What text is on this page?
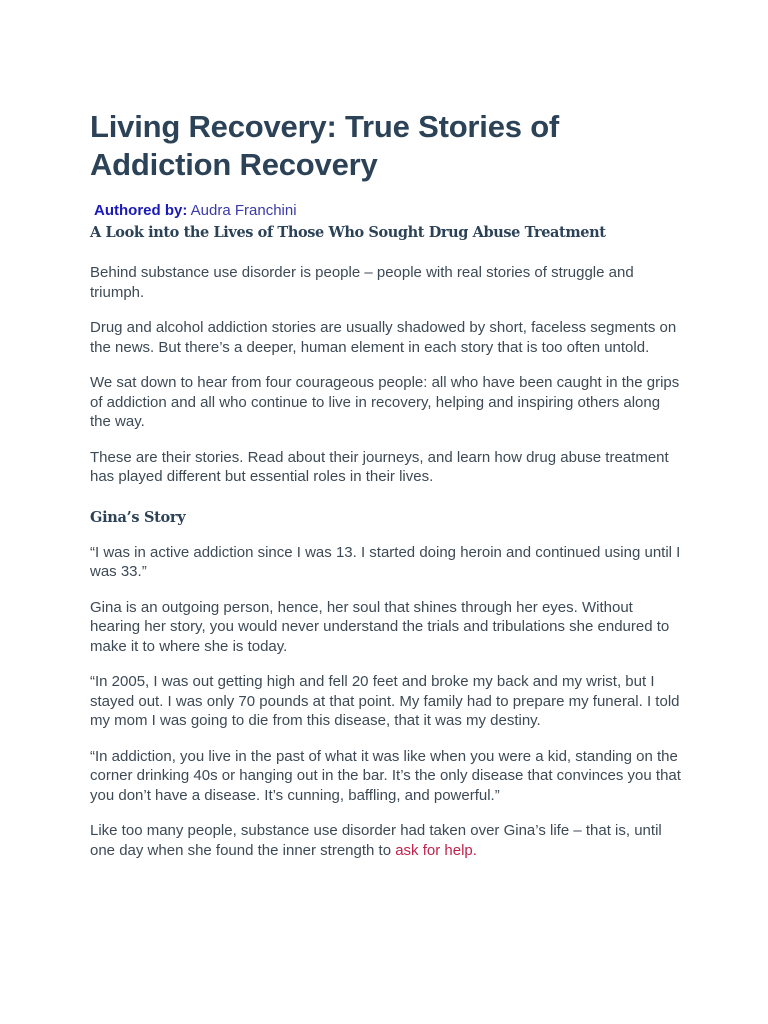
Living Recovery: True Stories of Addiction Recovery
Authored by: Audra Franchini
A Look into the Lives of Those Who Sought Drug Abuse Treatment

Behind substance use disorder is people – people with real stories of struggle and triumph.

Drug and alcohol addiction stories are usually shadowed by short, faceless segments on the news. But there’s a deeper, human element in each story that is too often untold.

We sat down to hear from four courageous people: all who have been caught in the grips of addiction and all who continue to live in recovery, helping and inspiring others along the way.

These are their stories. Read about their journeys, and learn how drug abuse treatment has played different but essential roles in their lives.

Gina’s Story

“I was in active addiction since I was 13. I started doing heroin and continued using until I was 33.”

Gina is an outgoing person, hence, her soul that shines through her eyes. Without hearing her story, you would never understand the trials and tribulations she endured to make it to where she is today.

“In 2005, I was out getting high and fell 20 feet and broke my back and my wrist, but I stayed out. I was only 70 pounds at that point. My family had to prepare my funeral. I told my mom I was going to die from this disease, that it was my destiny.

“In addiction, you live in the past of what it was like when you were a kid, standing on the corner drinking 40s or hanging out in the bar. It’s the only disease that convinces you that you don’t have a disease. It’s cunning, baffling, and powerful.”

Like too many people, substance use disorder had taken over Gina’s life – that is, until one day when she found the inner strength to ask for help.
